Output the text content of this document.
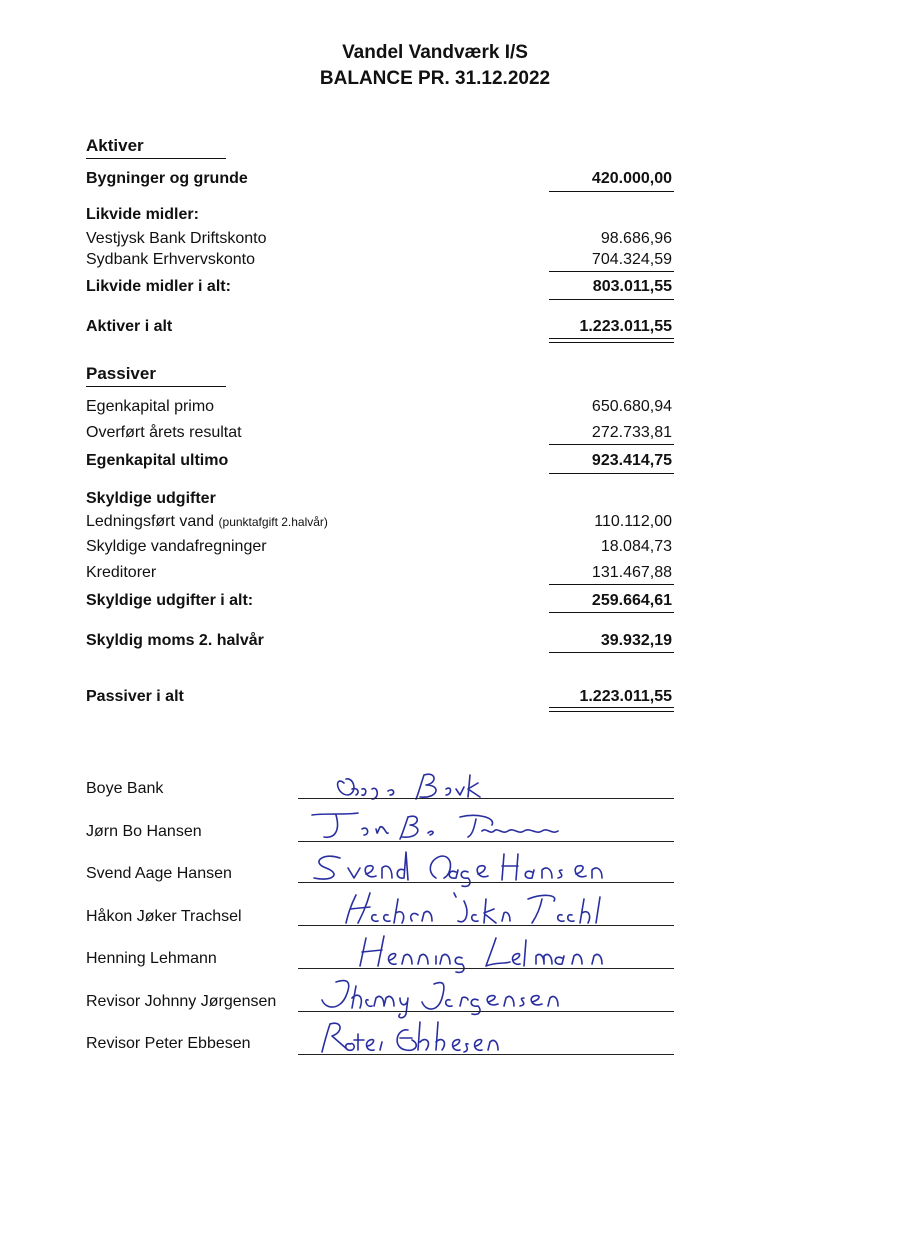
Vandel Vandværk I/S
BALANCE PR. 31.12.2022
Aktiver
Bygninger og grunde	420.000,00
Likvide midler:
Vestjysk Bank Driftskonto	98.686,96
Sydbank Erhvervskonto	704.324,59
Likvide midler i alt:	803.011,55
Aktiver i alt	1.223.011,55
Passiver
Egenkapital primo	650.680,94
Overført årets resultat	272.733,81
Egenkapital ultimo	923.414,75
Skyldige udgifter
Ledningsført vand (punktafgift 2.halvår)	110.112,00
Skyldige vandafregninger	18.084,73
Kreditorer	131.467,88
Skyldige udgifter i alt:	259.664,61
Skyldig moms 2. halvår	39.932,19
Passiver i alt	1.223.011,55
Boye Bank
Jørn Bo Hansen
Svend Aage Hansen
Håkon Jøker Trachsel
Henning Lehmann
Revisor Johnny Jørgensen
Revisor Peter Ebbesen
